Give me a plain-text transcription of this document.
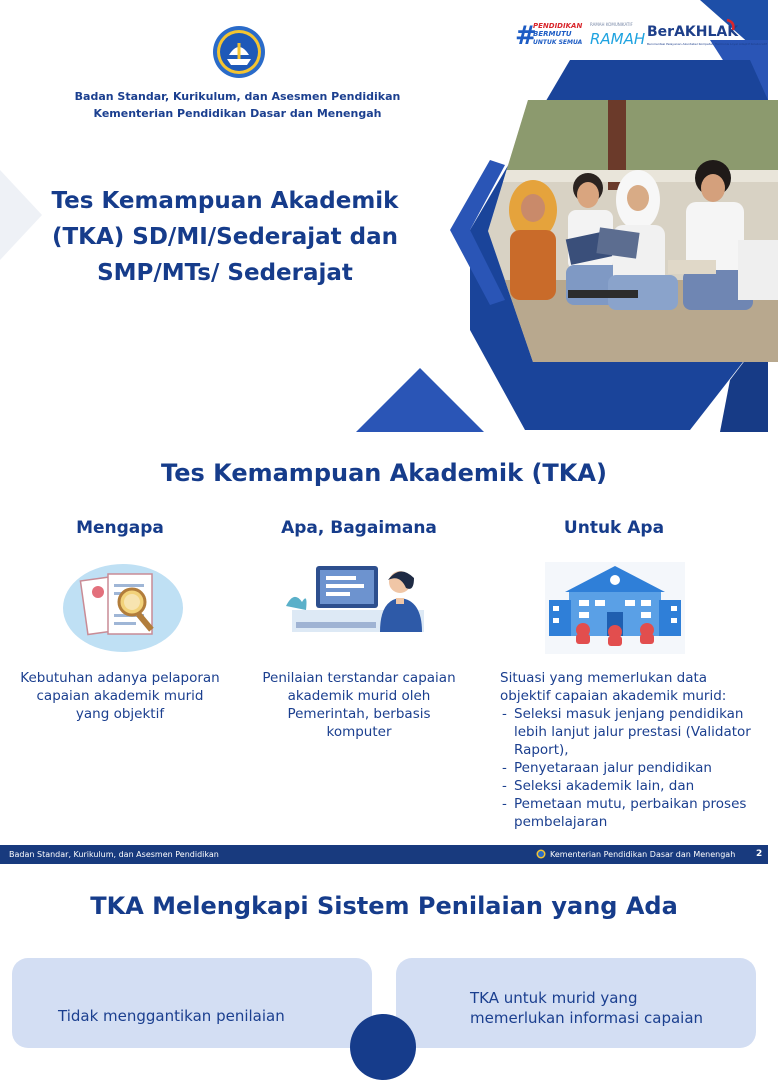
Badan Standar, Kurikulum, dan Asesmen Pendidikan
Kementerian Pendidikan Dasar dan Menengah
Tes Kemampuan Akademik
(TKA) SD/MI/Sederajat dan
SMP/MTs/ Sederajat
#
PENDIDIKAN
BERMUTU
UNTUK SEMUA
RAMAH KOMUNIKATIF
RAMAH BerAKHLAK
Berorientasi Pelayanan Akuntabel Kompeten Harmonis Loyal Adaptif Kolaboratif
Tes Kemampuan Akademik (TKA)
Mengapa	Apa, Bagaimana	Untuk Apa
Kebutuhan adanya pelaporan capaian akademik murid yang objektif
Penilaian terstandar capaian akademik murid oleh Pemerintah, berbasis komputer
Situasi yang memerlukan data objektif capaian akademik murid:
- Seleksi masuk jenjang pendidikan lebih lanjut jalur prestasi (Validator Raport),
- Penyetaraan jalur pendidikan
- Seleksi akademik lain, dan
- Pemetaan mutu, perbaikan proses pembelajaran
Badan Standar, Kurikulum, dan Asesmen Pendidikan	Kementerian Pendidikan Dasar dan Menengah 2
TKA Melengkapi Sistem Penilaian yang Ada
Tidak menggantikan penilaian
TKA untuk murid yang
memerlukan informasi capaian
